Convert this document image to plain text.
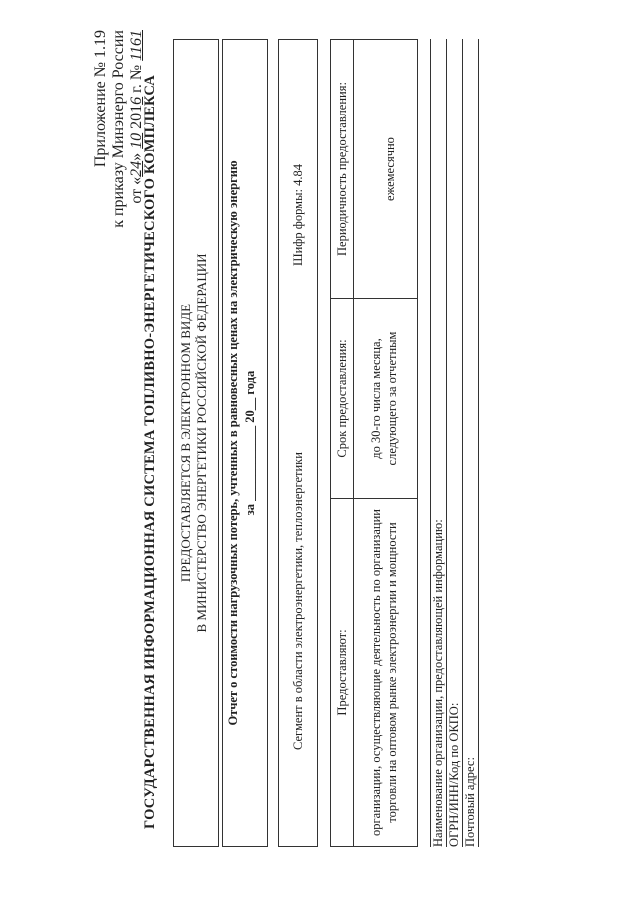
Приложение № 1.19 к приказу Минэнерго России от «24» 10 2016 г. № 1161
ГОСУДАРСТВЕННАЯ ИНФОРМАЦИОННАЯ СИСТЕМА ТОПЛИВНО-ЭНЕРГЕТИЧЕСКОГО КОМПЛЕКСА ПРЕДОСТАВЛЯЕТСЯ В ЭЛЕКТРОННОМ ВИДЕ В МИНИСТЕРСТВО ЭНЕРГЕТИКИ РОССИЙСКОЙ ФЕДЕРАЦИИ Отчет о стоимости нагрузочных потерь, учтенных в равновесных ценах на электрическую энергию за ____________ 20__ года
Сегмент в области электроэнергетики, теплоэнергетики
Шифр формы: 4.84
Предоставляют:	организации, осуществляющие деятельность по организации торговли на оптовом рынке электроэнергии и мощности
Срок предоставления:	до 30-го числа месяца, следующего за отчетным
Периодичность предоставления:	ежемесячно
Наименование организации, предоставляющей информацию: ОГРН/ИНН/Код по ОКПО: Почтовый адрес:
